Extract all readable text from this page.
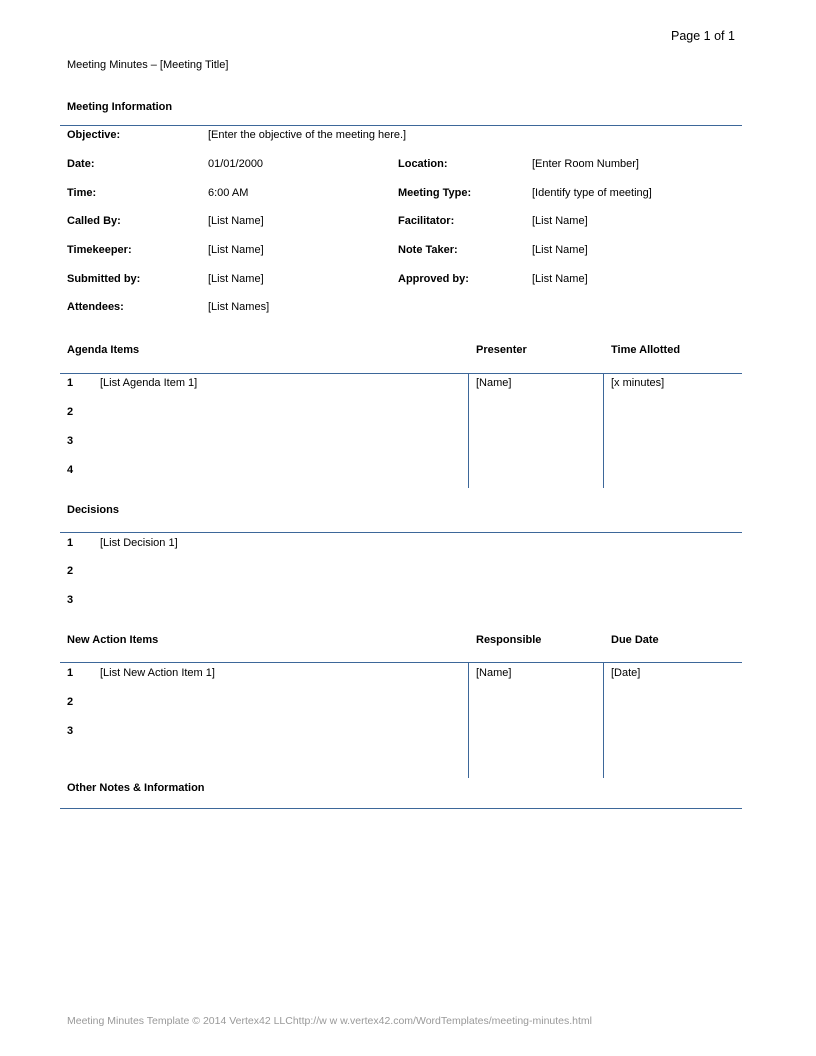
Page 1 of 1
Meeting Minutes – [Meeting Title]
Meeting Information
Objective:	[Enter the objective of the meeting here.]
Date:	01/01/2000	Location:	[Enter Room Number]
Time:	6:00 AM	Meeting Type:	[Identify type of meeting]
Called By:	[List Name]	Facilitator:	[List Name]
Timekeeper:	[List Name]	Note Taker:	[List Name]
Submitted by:	[List Name]	Approved by:	[List Name]
Attendees:	[List Names]
Agenda Items	Presenter	Time Allotted
1 [List Agenda Item 1]	[Name]	[x minutes]
2
3
4
Decisions
1 [List Decision 1]
2
3
New Action Items	Responsible	Due Date
1 [List New Action Item 1]	[Name]	[Date]
2
3
Other Notes & Information
Meeting Minutes Template © 2014 Vertex42 LLChttp://w w w.vertex42.com/WordTemplates/meeting-minutes.html
